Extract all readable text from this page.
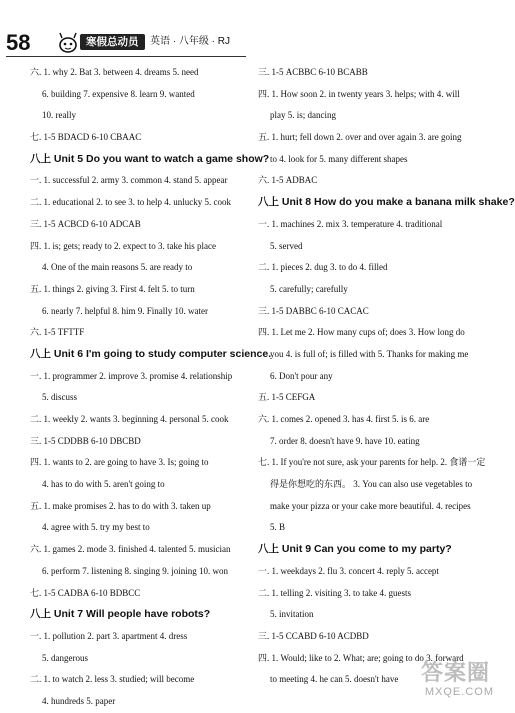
58	寒假总动员	英语 · 八年级 · RJ
六. 1. why 2. Bat 3. between 4. dreams 5. need
6. building 7. expensive 8. learn 9. wanted
10. really
七. 1-5 BDACD 6-10 CBAAC
八上 Unit 5 Do you want to watch a game show?
一. 1. successful 2. army 3. common 4. stand 5. appear
二. 1. educational 2. to see 3. to help 4. unlucky 5. cook
三. 1-5 ACBCD 6-10 ADCAB
四. 1. is; gets; ready to 2. expect to 3. take his place
4. One of the main reasons 5. are ready to
五. 1. things 2. giving 3. First 4. felt 5. to turn
6. nearly 7. helpful 8. him 9. Finally 10. water
六. 1-5 TFTTF
八上 Unit 6 I'm going to study computer science.
一. 1. programmer 2. improve 3. promise 4. relationship
5. discuss
二. 1. weekly 2. wants 3. beginning 4. personal 5. cook
三. 1-5 CDDBB 6-10 DBCBD
四. 1. wants to 2. are going to have 3. Is; going to
4. has to do with 5. aren't going to
五. 1. make promises 2. has to do with 3. taken up
4. agree with 5. try my best to
六. 1. games 2. mode 3. finished 4. talented 5. musician
6. perform 7. listening 8. singing 9. joining 10. won
七. 1-5 CADBA 6-10 BDBCC
八上 Unit 7 Will people have robots?
一. 1. pollution 2. part 3. apartment 4. dress
5. dangerous
二. 1. to watch 2. less 3. studied; will become
4. hundreds 5. paper
三. 1-5 ACBBC 6-10 BCABB
四. 1. How soon 2. in twenty years 3. helps; with 4. will
play 5. is; dancing
五. 1. hurt; fell down 2. over and over again 3. are going
to 4. look for 5. many different shapes
六. 1-5 ADBAC
八上 Unit 8 How do you make a banana milk shake?
一. 1. machines 2. mix 3. temperature 4. traditional
5. served
二. 1. pieces 2. dug 3. to do 4. filled
5. carefully; carefully
三. 1-5 DABBC 6-10 CACAC
四. 1. Let me 2. How many cups of; does 3. How long do
you 4. is full of; is filled with 5. Thanks for making me
6. Don't pour any
五. 1-5 CEFGA
六. 1. comes 2. opened 3. has 4. first 5. is 6. are
7. order 8. doesn't have 9. have 10. eating
七. 1. If you're not sure, ask your parents for help. 2. 食谱一定
得是你想吃的东西。 3. You can also use vegetables to
make your pizza or your cake more beautiful. 4. recipes
5. B
八上 Unit 9 Can you come to my party?
一. 1. weekdays 2. flu 3. concert 4. reply 5. accept
二. 1. telling 2. visiting 3. to take 4. guests
5. invitation
三. 1-5 CCABD 6-10 ACDBD
四. 1. Would; like to 2. What; are; going to do 3. forward
to meeting 4. he can 5. doesn't have	答案圈
MXQE.COM
